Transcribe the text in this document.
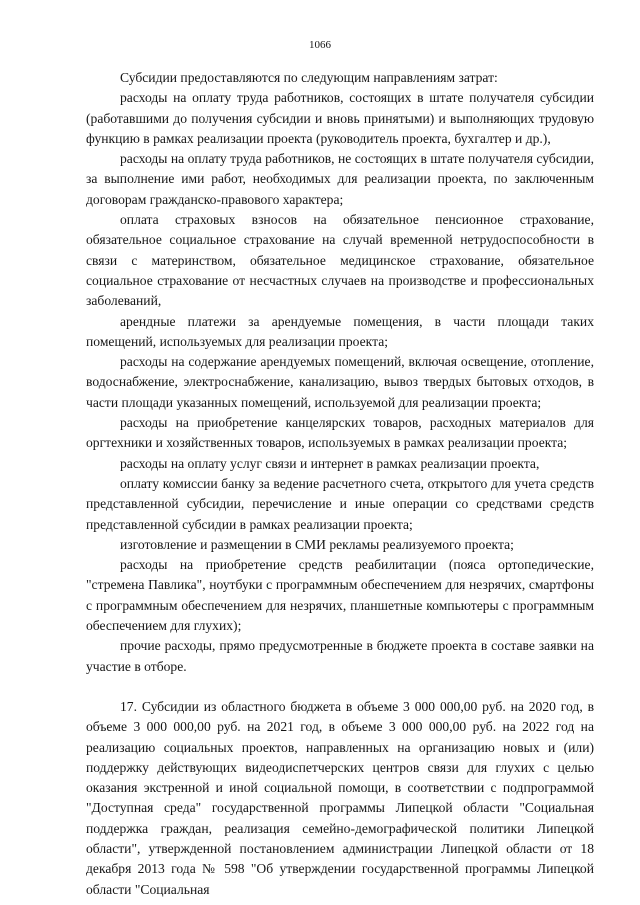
1066

Субсидии предоставляются по следующим направлениям затрат:

расходы на оплату труда работников, состоящих в штате получателя субсидии (работавшими до получения субсидии и вновь принятыми) и выполняющих трудовую функцию в рамках реализации проекта (руководитель проекта, бухгалтер и др.),

расходы на оплату труда работников, не состоящих в штате получателя субсидии, за выполнение ими работ, необходимых для реализации проекта, по заключенным договорам гражданско-правового характера;

оплата страховых взносов на обязательное пенсионное страхование, обязательное социальное страхование на случай временной нетрудоспособности в связи с материнством, обязательное медицинское страхование, обязательное социальное страхование от несчастных случаев на производстве и профессиональных заболеваний,

арендные платежи за арендуемые помещения, в части площади таких помещений, используемых для реализации проекта;

расходы на содержание арендуемых помещений, включая освещение, отопление, водоснабжение, электроснабжение, канализацию, вывоз твердых бытовых отходов, в части площади указанных помещений, используемой для реализации проекта;

расходы на приобретение канцелярских товаров, расходных материалов для оргтехники и хозяйственных товаров, используемых в рамках реализации проекта;

расходы на оплату услуг связи и интернет в рамках реализации проекта,

оплату комиссии банку за ведение расчетного счета, открытого для учета средств представленной субсидии, перечисление и иные операции со средствами средств представленной субсидии в рамках реализации проекта;

изготовление и размещении в СМИ рекламы реализуемого проекта;

расходы на приобретение средств реабилитации (пояса ортопедические, "стремена Павлика", ноутбуки с программным обеспечением для незрячих, смартфоны с программным обеспечением для незрячих, планшетные компьютеры с программным обеспечением для глухих);

прочие расходы, прямо предусмотренные в бюджете проекта в составе заявки на участие в отборе.

17. Субсидии из областного бюджета в объеме 3 000 000,00 руб. на 2020 год, в объеме 3 000 000,00 руб. на 2021 год, в объеме 3 000 000,00 руб. на 2022 год на реализацию социальных проектов, направленных на организацию новых и (или) поддержку действующих видеодиспетчерских центров связи для глухих с целью оказания экстренной и иной социальной помощи, в соответствии с подпрограммой "Доступная среда" государственной программы Липецкой области "Социальная поддержка граждан, реализация семейно-демографической политики Липецкой области", утвержденной постановлением администрации Липецкой области от 18 декабря 2013 года № 598 "Об утверждении государственной программы Липецкой области "Социальная
